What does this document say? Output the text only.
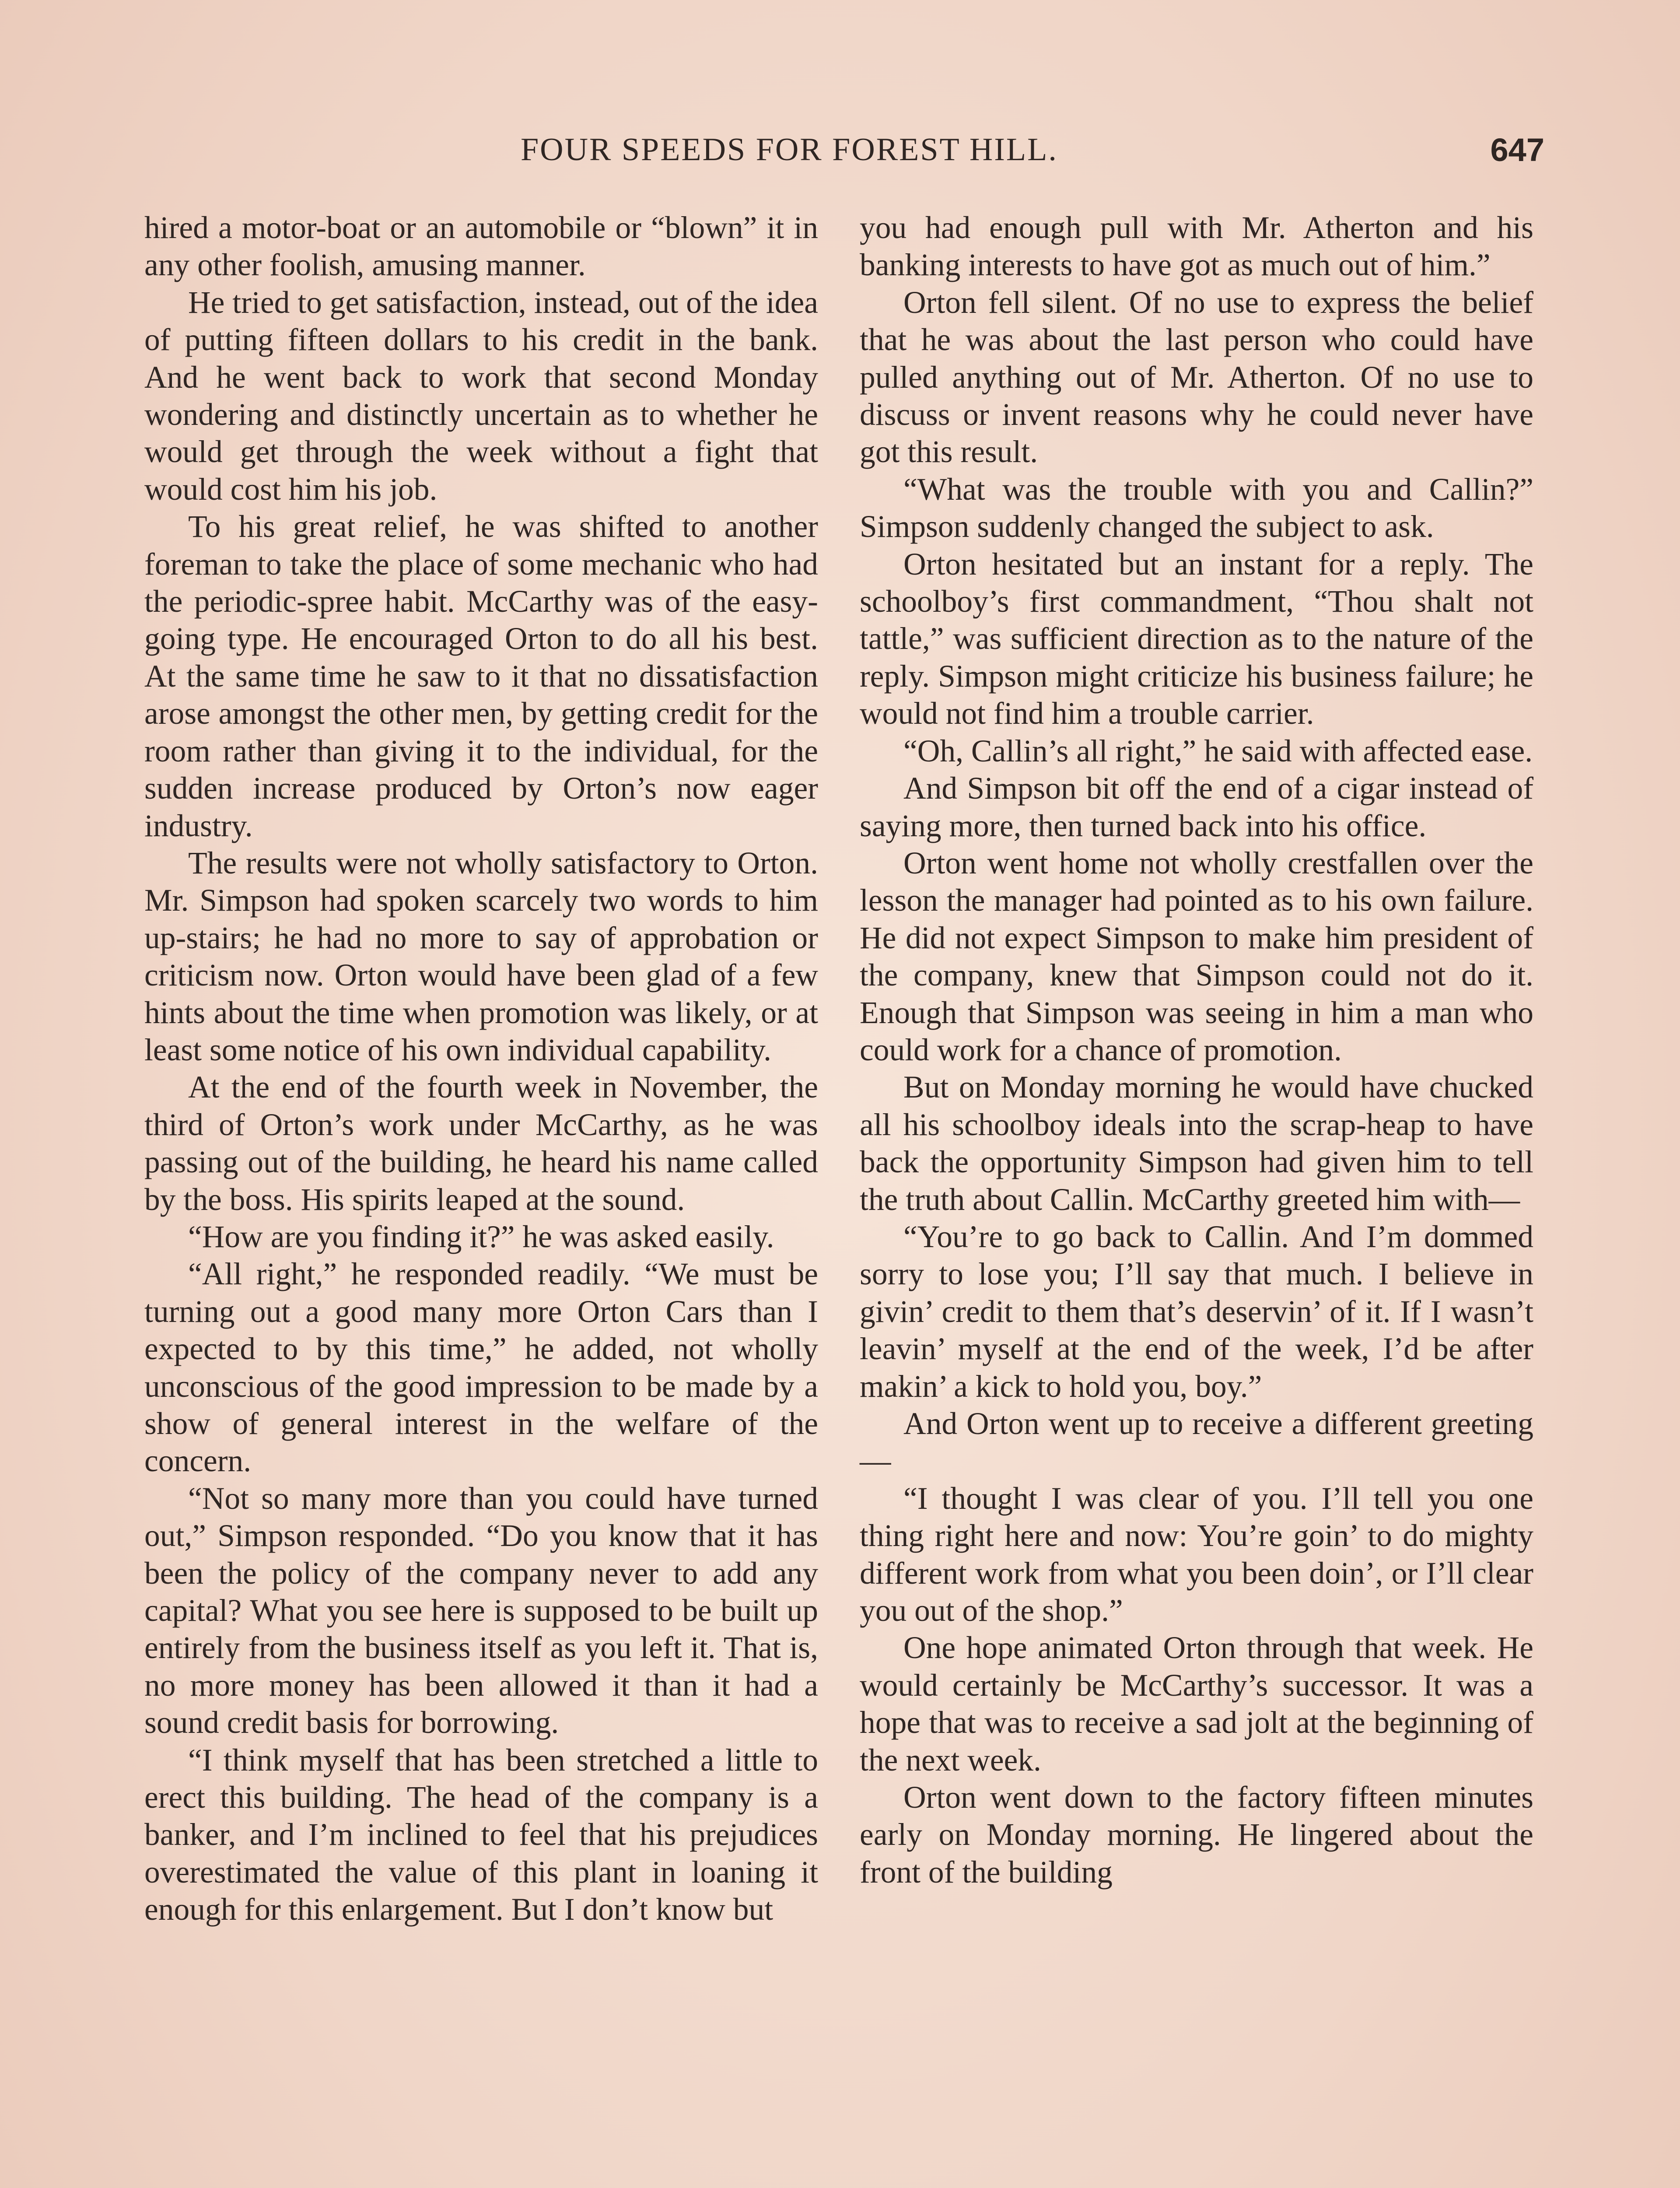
FOUR SPEEDS FOR FOREST HILL.	647

hired a motor-boat or an automobile or “blown” it in any other foolish, amusing manner.

He tried to get satisfaction, instead, out of the idea of putting fifteen dollars to his credit in the bank. And he went back to work that second Monday wondering and distinctly uncertain as to whether he would get through the week without a fight that would cost him his job.

To his great relief, he was shifted to another foreman to take the place of some mechanic who had the periodic-spree habit. McCarthy was of the easy-going type. He encouraged Orton to do all his best. At the same time he saw to it that no dissatisfaction arose amongst the other men, by getting credit for the room rather than giving it to the individual, for the sudden increase produced by Orton’s now eager industry.

The results were not wholly satisfactory to Orton. Mr. Simpson had spoken scarcely two words to him up-stairs; he had no more to say of approbation or criticism now. Orton would have been glad of a few hints about the time when promotion was likely, or at least some notice of his own individual capability.

At the end of the fourth week in November, the third of Orton’s work under McCarthy, as he was passing out of the building, he heard his name called by the boss. His spirits leaped at the sound.

“How are you finding it?” he was asked easily.

“All right,” he responded readily. “We must be turning out a good many more Orton Cars than I expected to by this time,” he added, not wholly unconscious of the good impression to be made by a show of general interest in the welfare of the concern.

“Not so many more than you could have turned out,” Simpson responded. “Do you know that it has been the policy of the company never to add any capital? What you see here is supposed to be built up entirely from the business itself as you left it. That is, no more money has been allowed it than it had a sound credit basis for borrowing.

“I think myself that has been stretched a little to erect this building. The head of the company is a banker, and I’m inclined to feel that his prejudices overestimated the value of this plant in loaning it enough for this enlargement. But I don’t know but

you had enough pull with Mr. Atherton and his banking interests to have got as much out of him.”

Orton fell silent. Of no use to express the belief that he was about the last person who could have pulled anything out of Mr. Atherton. Of no use to discuss or invent reasons why he could never have got this result.

“What was the trouble with you and Callin?” Simpson suddenly changed the subject to ask.

Orton hesitated but an instant for a reply. The schoolboy’s first commandment, “Thou shalt not tattle,” was sufficient direction as to the nature of the reply. Simpson might criticize his business failure; he would not find him a trouble carrier.

“Oh, Callin’s all right,” he said with affected ease.

And Simpson bit off the end of a cigar instead of saying more, then turned back into his office.

Orton went home not wholly crestfallen over the lesson the manager had pointed as to his own failure. He did not expect Simpson to make him president of the company, knew that Simpson could not do it. Enough that Simpson was seeing in him a man who could work for a chance of promotion.

But on Monday morning he would have chucked all his schoolboy ideals into the scrap-heap to have back the opportunity Simpson had given him to tell the truth about Callin. McCarthy greeted him with—

“You’re to go back to Callin. And I’m dommed sorry to lose you; I’ll say that much. I believe in givin’ credit to them that’s deservin’ of it. If I wasn’t leavin’ myself at the end of the week, I’d be after makin’ a kick to hold you, boy.”

And Orton went up to receive a different greeting—

“I thought I was clear of you. I’ll tell you one thing right here and now: You’re goin’ to do mighty different work from what you been doin’, or I’ll clear you out of the shop.”

One hope animated Orton through that week. He would certainly be McCarthy’s successor. It was a hope that was to receive a sad jolt at the beginning of the next week.

Orton went down to the factory fifteen minutes early on Monday morning. He lingered about the front of the building
